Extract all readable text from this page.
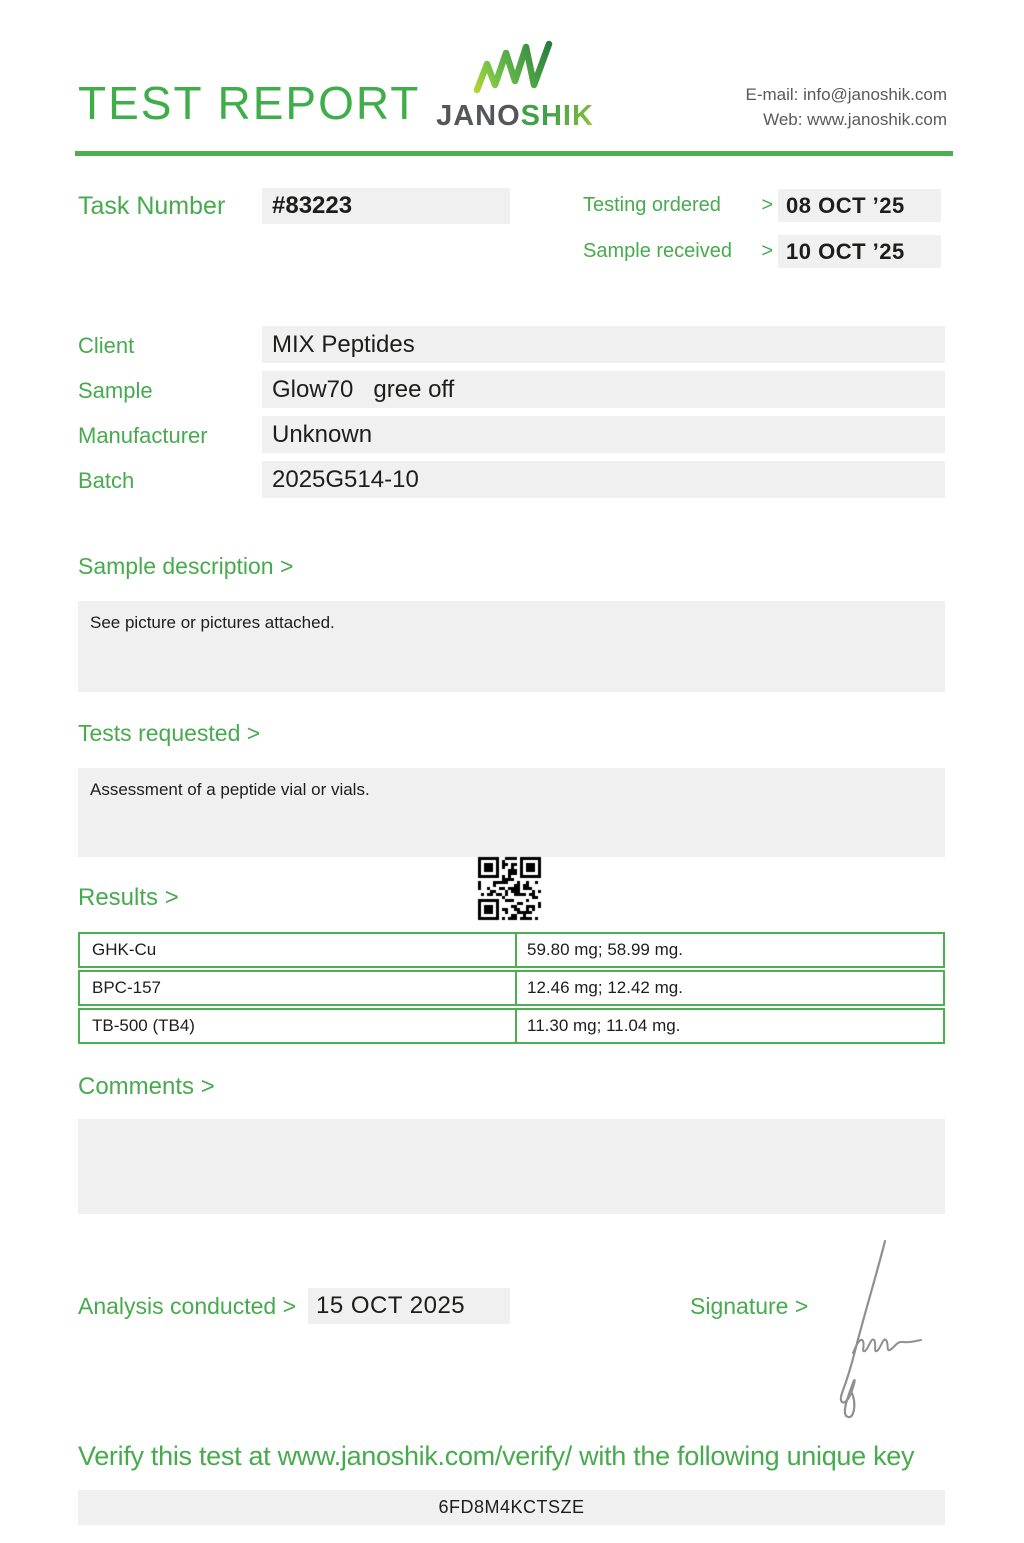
TEST REPORT JANOSHIK
E-mail: info@janoshik.com
Web: www.janoshik.com
Task Number	#83223	Testing ordered > 08 OCT ’25
Sample received > 10 OCT ’25
Client	MIX Peptides
Sample	Glow70   gree off
Manufacturer	Unknown
Batch	2025G514-10
Sample description >
See picture or pictures attached.
Tests requested >
Assessment of a peptide vial or vials.
Results >
GHK-Cu	59.80 mg; 58.99 mg.
BPC-157	12.46 mg; 12.42 mg.
TB-500 (TB4)	11.30 mg; 11.04 mg.
Comments >
Analysis conducted > 15 OCT 2025	Signature >
Verify this test at www.janoshik.com/verify/ with the following unique key
6FD8M4KCTSZE
